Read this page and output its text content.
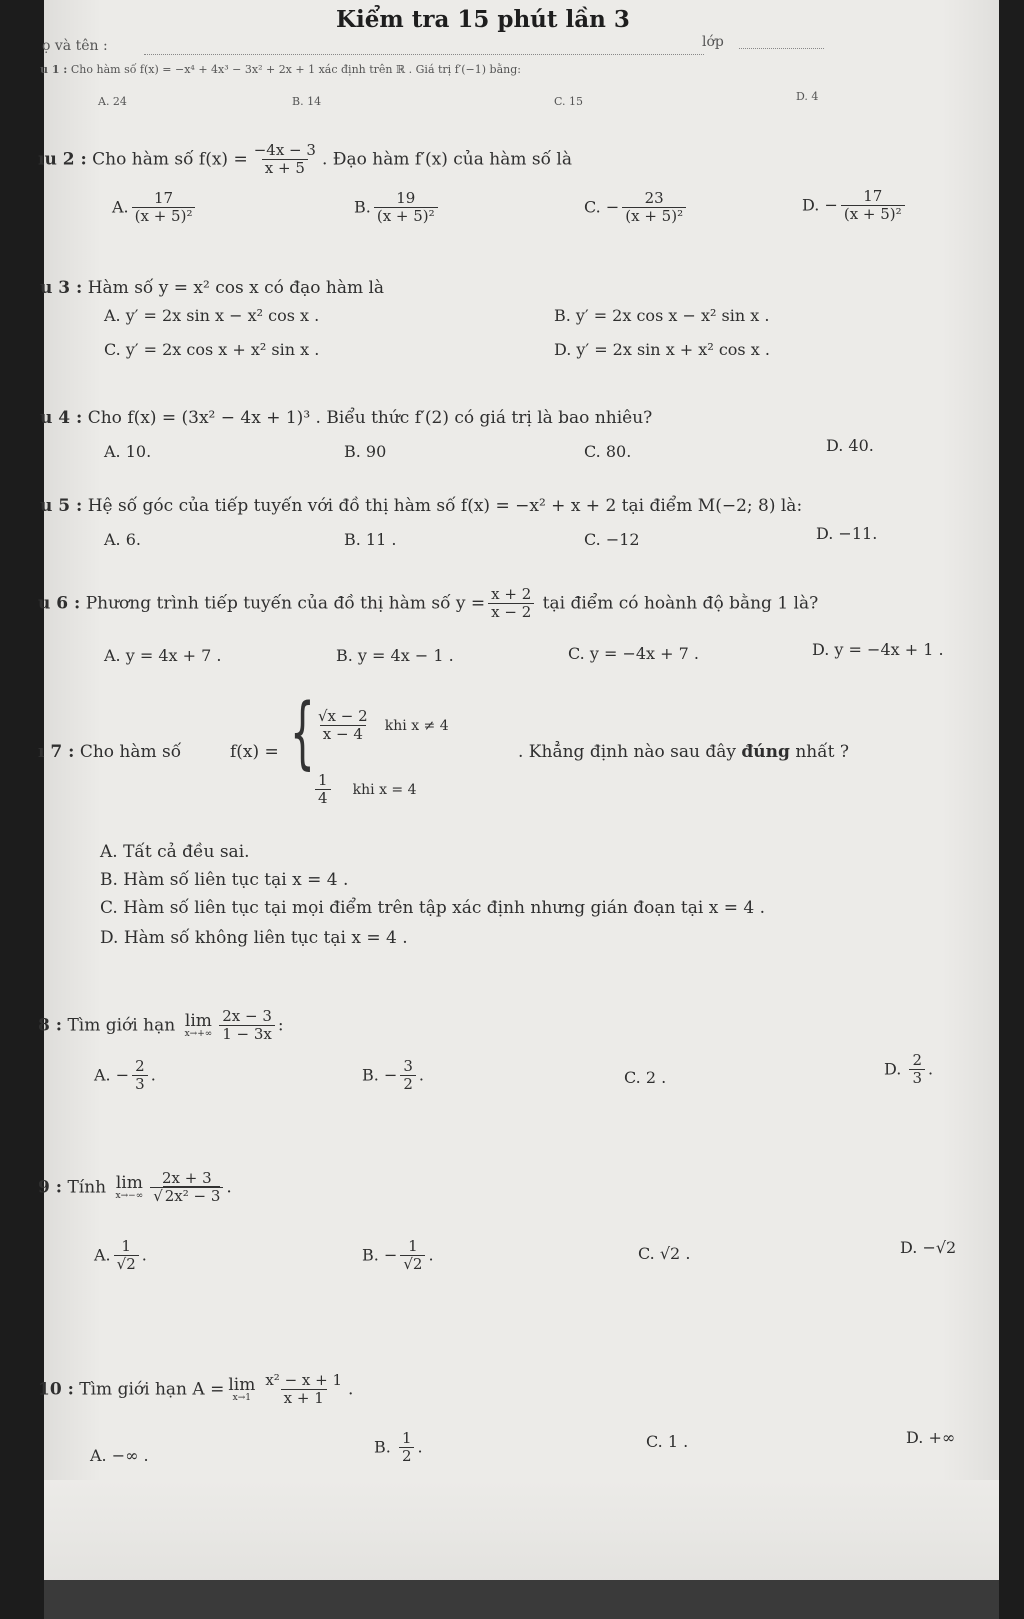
Kiểm tra 15 phút lần 3
ọ và tên :	lớp
u 1 : Cho hàm số f(x) = −x⁴ + 4x³ − 3x² + 2x + 1 xác định trên ℝ . Giá trị f′(−1) bằng:
A. 24	B. 14	C. 15	D. 4
ıu 2 : Cho hàm số $f(x) = \frac{-4x - 3}{x + 5}$ . Đạo hàm f′(x) của hàm số là
A. $\frac{17}{\text{(x + 5)²}}$	B. $\frac{19}{\text{(x + 5)²}}$	C. − $\frac{23}{\text{(x + 5)²}}$	D. − $\frac{17}{\text{(x + 5)²}}$
u 3 : Hàm số y = x² cos x có đạo hàm là
A. y′ = 2x sin x − x² cos x .	B. y′ = 2x cos x − x² sin x .
C. y′ = 2x cos x + x² sin x .	D. y′ = 2x sin x + x² cos x .
u 4 : Cho f(x) = (3x² − 4x + 1)³ . Biểu thức f′(2) có giá trị là bao nhiêu?
A. 10.	B. 90	C. 80.	D. 40.
u 5 : Hệ số góc của tiếp tuyến với đồ thị hàm số f(x) = −x² + x + 2 tại điểm M(−2; 8) là:
A. 6.	B. 11 .	C. −12	D. −11.
u 6 : Phương trình tiếp tuyến của đồ thị hàm số $y = \frac{x + 2}{x - 2}$ tại điểm có hoành độ bằng 1 là?
A. y = 4x + 7 .	B. y = 4x − 1 .	C. y = −4x + 7 .	D. y = −4x + 1 .
ı 7 : Cho hàm số	f(x) = { $\frac{√x - 2}{x - 4}$ khi x ≠ 4
$\frac{1}{4}$ khi x = 4
. Khẳng định nào sau đây đúng nhất ?
A. Tất cả đều sai.
B. Hàm số liên tục tại x = 4 .
C. Hàm số liên tục tại mọi điểm trên tập xác định nhưng gián đoạn tại x = 4 .
D. Hàm số không liên tục tại x = 4 .
8 : Tìm giới hạn lim
$x\to+\infty \frac{2x - 3}{1 - 3x}$ :
A. − $\frac{2}{3}$ .	B. − $\frac{3}{2}$ .	C. 2 .	D. $\frac{2}{3}$ .
9 : Tính lim
$x\to-\infty \frac{2x + 3}{\text{√ 2x² − 3}}$ .
A. $\frac{1}{√2}$ .	B. − $\frac{1}{√2}$ .	C. √2 .	D. −√2
10 : Tìm giới hạn A = lim
$x\to 1 \frac{\text{x² − x + 1}}{x + 1}$ .
A. −∞ .	B. $\frac{1}{2}$ .	C. 1 .	D. +∞
